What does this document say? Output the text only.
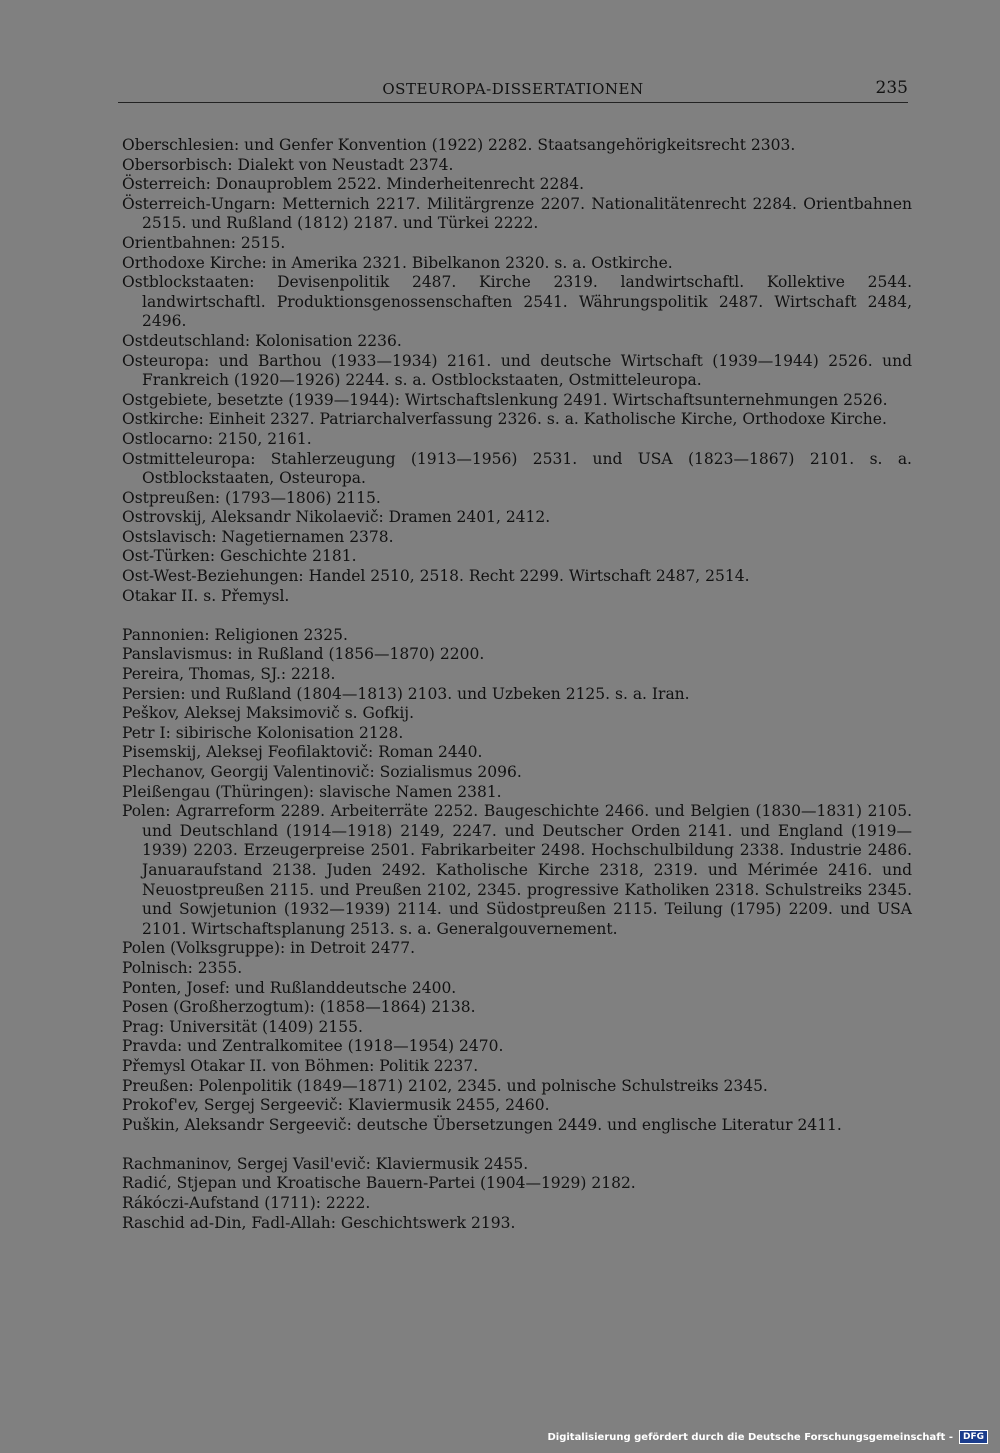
OSTEUROPA-DISSERTATIONEN	235
Oberschlesien: und Genfer Konvention (1922) 2282. Staatsangehörigkeitsrecht 2303.
Obersorbisch: Dialekt von Neustadt 2374.
Österreich: Donauproblem 2522. Minderheitenrecht 2284.
Österreich-Ungarn: Metternich 2217. Militärgrenze 2207. Nationalitätenrecht 2284. Orientbahnen 2515. und Rußland (1812) 2187. und Türkei 2222.
Orientbahnen: 2515.
Orthodoxe Kirche: in Amerika 2321. Bibelkanon 2320. s. a. Ostkirche.
Ostblockstaaten: Devisenpolitik 2487. Kirche 2319. landwirtschaftl. Kollektive 2544. landwirtschaftl. Produktionsgenossenschaften 2541. Währungspolitik 2487. Wirtschaft 2484, 2496.
Ostdeutschland: Kolonisation 2236.
Osteuropa: und Barthou (1933—1934) 2161. und deutsche Wirtschaft (1939—1944) 2526. und Frankreich (1920—1926) 2244. s. a. Ostblockstaaten, Ostmitteleuropa.
Ostgebiete, besetzte (1939—1944): Wirtschaftslenkung 2491. Wirtschaftsunternehmungen 2526.
Ostkirche: Einheit 2327. Patriarchalverfassung 2326. s. a. Katholische Kirche, Orthodoxe Kirche.
Ostlocarno: 2150, 2161.
Ostmitteleuropa: Stahlerzeugung (1913—1956) 2531. und USA (1823—1867) 2101. s. a. Ostblockstaaten, Osteuropa.
Ostpreußen: (1793—1806) 2115.
Ostrovskij, Aleksandr Nikolaevič: Dramen 2401, 2412.
Ostslavisch: Nagetiernamen 2378.
Ost-Türken: Geschichte 2181.
Ost-West-Beziehungen: Handel 2510, 2518. Recht 2299. Wirtschaft 2487, 2514.
Otakar II. s. Přemysl.
Pannonien: Religionen 2325.
Panslavismus: in Rußland (1856—1870) 2200.
Pereira, Thomas, SJ.: 2218.
Persien: und Rußland (1804—1813) 2103. und Uzbeken 2125. s. a. Iran.
Peškov, Aleksej Maksimovič s. Gofkij.
Petr I: sibirische Kolonisation 2128.
Pisemskij, Aleksej Feofilaktovič: Roman 2440.
Plechanov, Georgij Valentinovič: Sozialismus 2096.
Pleißengau (Thüringen): slavische Namen 2381.
Polen: Agrarreform 2289. Arbeiterräte 2252. Baugeschichte 2466. und Belgien (1830—1831) 2105. und Deutschland (1914—1918) 2149, 2247. und Deutscher Orden 2141. und England (1919—1939) 2203. Erzeugerpreise 2501. Fabrikarbeiter 2498. Hochschulbildung 2338. Industrie 2486. Januaraufstand 2138. Juden 2492. Katholische Kirche 2318, 2319. und Mérimée 2416. und Neuostpreußen 2115. und Preußen 2102, 2345. progressive Katholiken 2318. Schulstreiks 2345. und Sowjetunion (1932—1939) 2114. und Südostpreußen 2115. Teilung (1795) 2209. und USA 2101. Wirtschaftsplanung 2513. s. a. Generalgouvernement.
Polen (Volksgruppe): in Detroit 2477.
Polnisch: 2355.
Ponten, Josef: und Rußlanddeutsche 2400.
Posen (Großherzogtum): (1858—1864) 2138.
Prag: Universität (1409) 2155.
Pravda: und Zentralkomitee (1918—1954) 2470.
Přemysl Otakar II. von Böhmen: Politik 2237.
Preußen: Polenpolitik (1849—1871) 2102, 2345. und polnische Schulstreiks 2345.
Prokof'ev, Sergej Sergeevič: Klaviermusik 2455, 2460.
Puškin, Aleksandr Sergeevič: deutsche Übersetzungen 2449. und englische Literatur 2411.
Rachmaninov, Sergej Vasil'evič: Klaviermusik 2455.
Radić, Stjepan und Kroatische Bauern-Partei (1904—1929) 2182.
Rákóczi-Aufstand (1711): 2222.
Raschid ad-Din, Fadl-Allah: Geschichtswerk 2193.
Digitalisierung gefördert durch die Deutsche Forschungsgemeinschaft -	DFG
